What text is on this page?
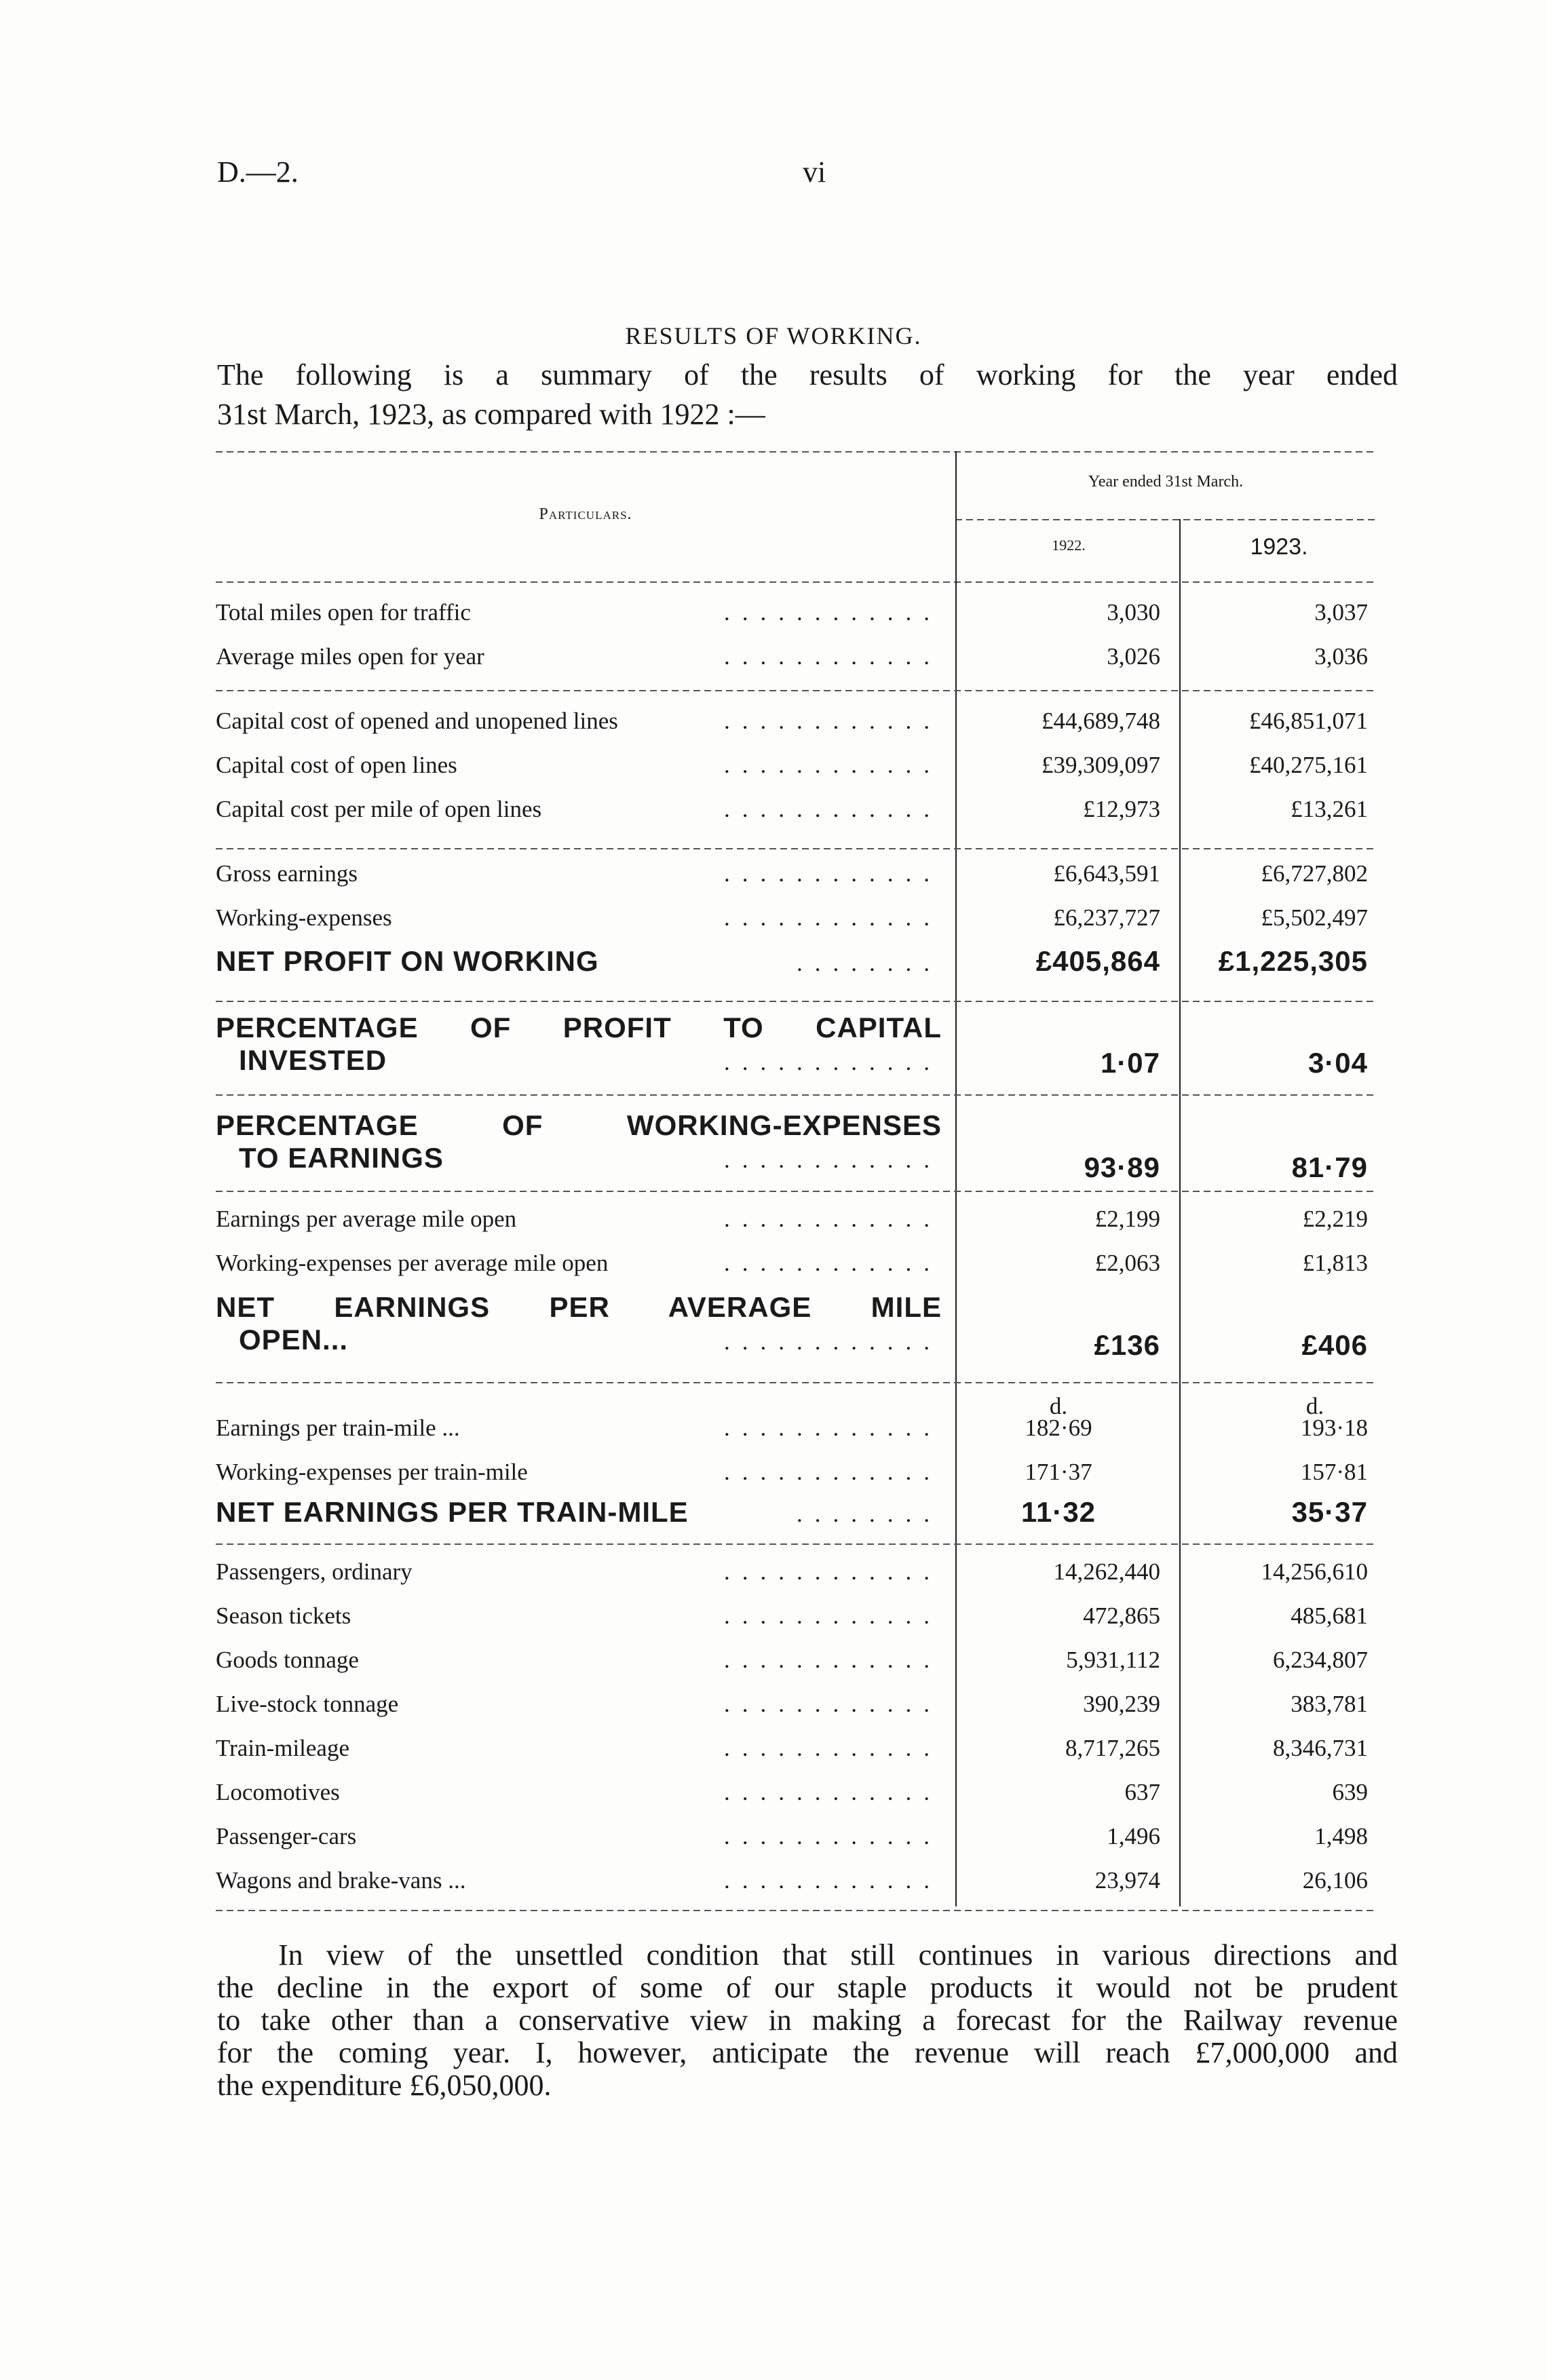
D.—2.	vi
RESULTS OF WORKING.
The following is a summary of the results of working for the year ended
31st March, 1923, as compared with 1922 :—
Particulars.
Year ended 31st March.
1922.	1923.
Total miles open for traffic	............	3,030	3,037
Average miles open for year	............	3,026	3,036
Capital cost of opened and unopened lines	............	£44,689,748	£46,851,071
Capital cost of open lines	............	£39,309,097	£40,275,161
Capital cost per mile of open lines	............	£12,973	£13,261
Gross earnings	............	£6,643,591	£6,727,802
Working-expenses	............	£6,237,727	£5,502,497
NET PROFIT ON WORKING	........	£405,864	£1,225,305
PERCENTAGE OF PROFIT TO CAPITAL
INVESTED	............	1·07	3·04
PERCENTAGE OF WORKING-EXPENSES
TO EARNINGS	............	93·89	81·79
Earnings per average mile open	............	£2,199	£2,219
Working-expenses per average mile open	............	£2,063	£1,813
NET EARNINGS PER AVERAGE MILE
OPEN...	............	£136	£406
d.	d.
Earnings per train-mile ...	............	182·69	193·18
Working-expenses per train-mile	............	171·37	157·81
NET EARNINGS PER TRAIN-MILE	........	11·32	35·37
Passengers, ordinary	............	14,262,440	14,256,610
Season tickets	............	472,865	485,681
Goods tonnage	............	5,931,112	6,234,807
Live-stock tonnage	............	390,239	383,781
Train-mileage	............	8,717,265	8,346,731
Locomotives	............	637	639
Passenger-cars	............	1,496	1,498
Wagons and brake-vans ...	............	23,974	26,106
In view of the unsettled condition that still continues in various directions and
the decline in the export of some of our staple products it would not be prudent
to take other than a conservative view in making a forecast for the Railway revenue
for the coming year. I, however, anticipate the revenue will reach £7,000,000 and
the expenditure £6,050,000.
